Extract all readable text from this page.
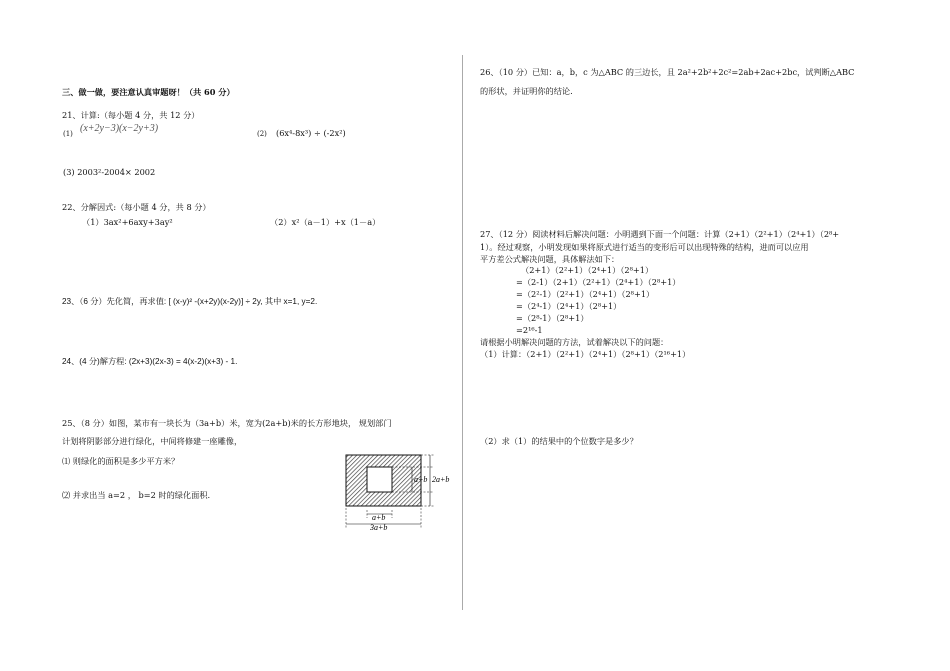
三、做一做，要注意认真审题呀！（共 60 分）
21、计算:（每小题 4 分，共 12 分）
(1) (x+2y−3)(x−2y+3)	(2) (6x⁴-8x³) ÷ (-2x²)
(3) 2003²-2004× 2002
22、分解因式:（每小题 4 分，共 8 分）
（1）3ax²+6axy+3ay²	（2）x²（a－1）+x（1－a）
23、（6 分）先化简，再求值: [ (x-y)² -(x+2y)(x-2y)] ÷ 2y, 其中 x=1, y=2.
24、(4 分)解方程: (2x+3)(2x-3) = 4(x-2)(x+3) - 1.
25、（8 分）如图，某市有一块长为（3a+b）米，宽为(2a+b)米的长方形地块， 规划部门
计划将阴影部分进行绿化，中间将修建一座雕像，
⑴ 则绿化的面积是多少平方米？
⑵ 并求出当 a=2 ， b=2 时的绿化面积.
a+b 2a+b
a+b
3a+b
26、（10 分）已知：a，b，c 为△ABC 的三边长，且 2a²+2b²+2c²=2ab+2ac+2bc，试判断△ABC
的形状，并证明你的结论.
27、（12 分）阅读材料后解决问题：小明遇到下面一个问题：计算（2+1）（2²+1）（2⁴+1）（2⁸+
1）。经过观察，小明发现如果将原式进行适当的变形后可以出现特殊的结构，进而可以应用
平方差公式解决问题，具体解法如下：
（2+1）（2²+1）（2⁴+1）（2⁸+1）
=（2-1）（2+1）（2²+1）（2⁴+1）（2⁸+1）
=（2²-1）（2²+1）（2⁴+1）（2⁸+1）
=（2⁴-1）（2⁴+1）（2⁸+1）
=（2⁸-1）（2⁸+1）
=2¹⁶-1
请根据小明解决问题的方法，试着解决以下的问题：
（1）计算：（2+1）（2²+1）（2⁴+1）（2⁸+1）（2¹⁶+1）
（2）求（1）的结果中的个位数字是多少？
